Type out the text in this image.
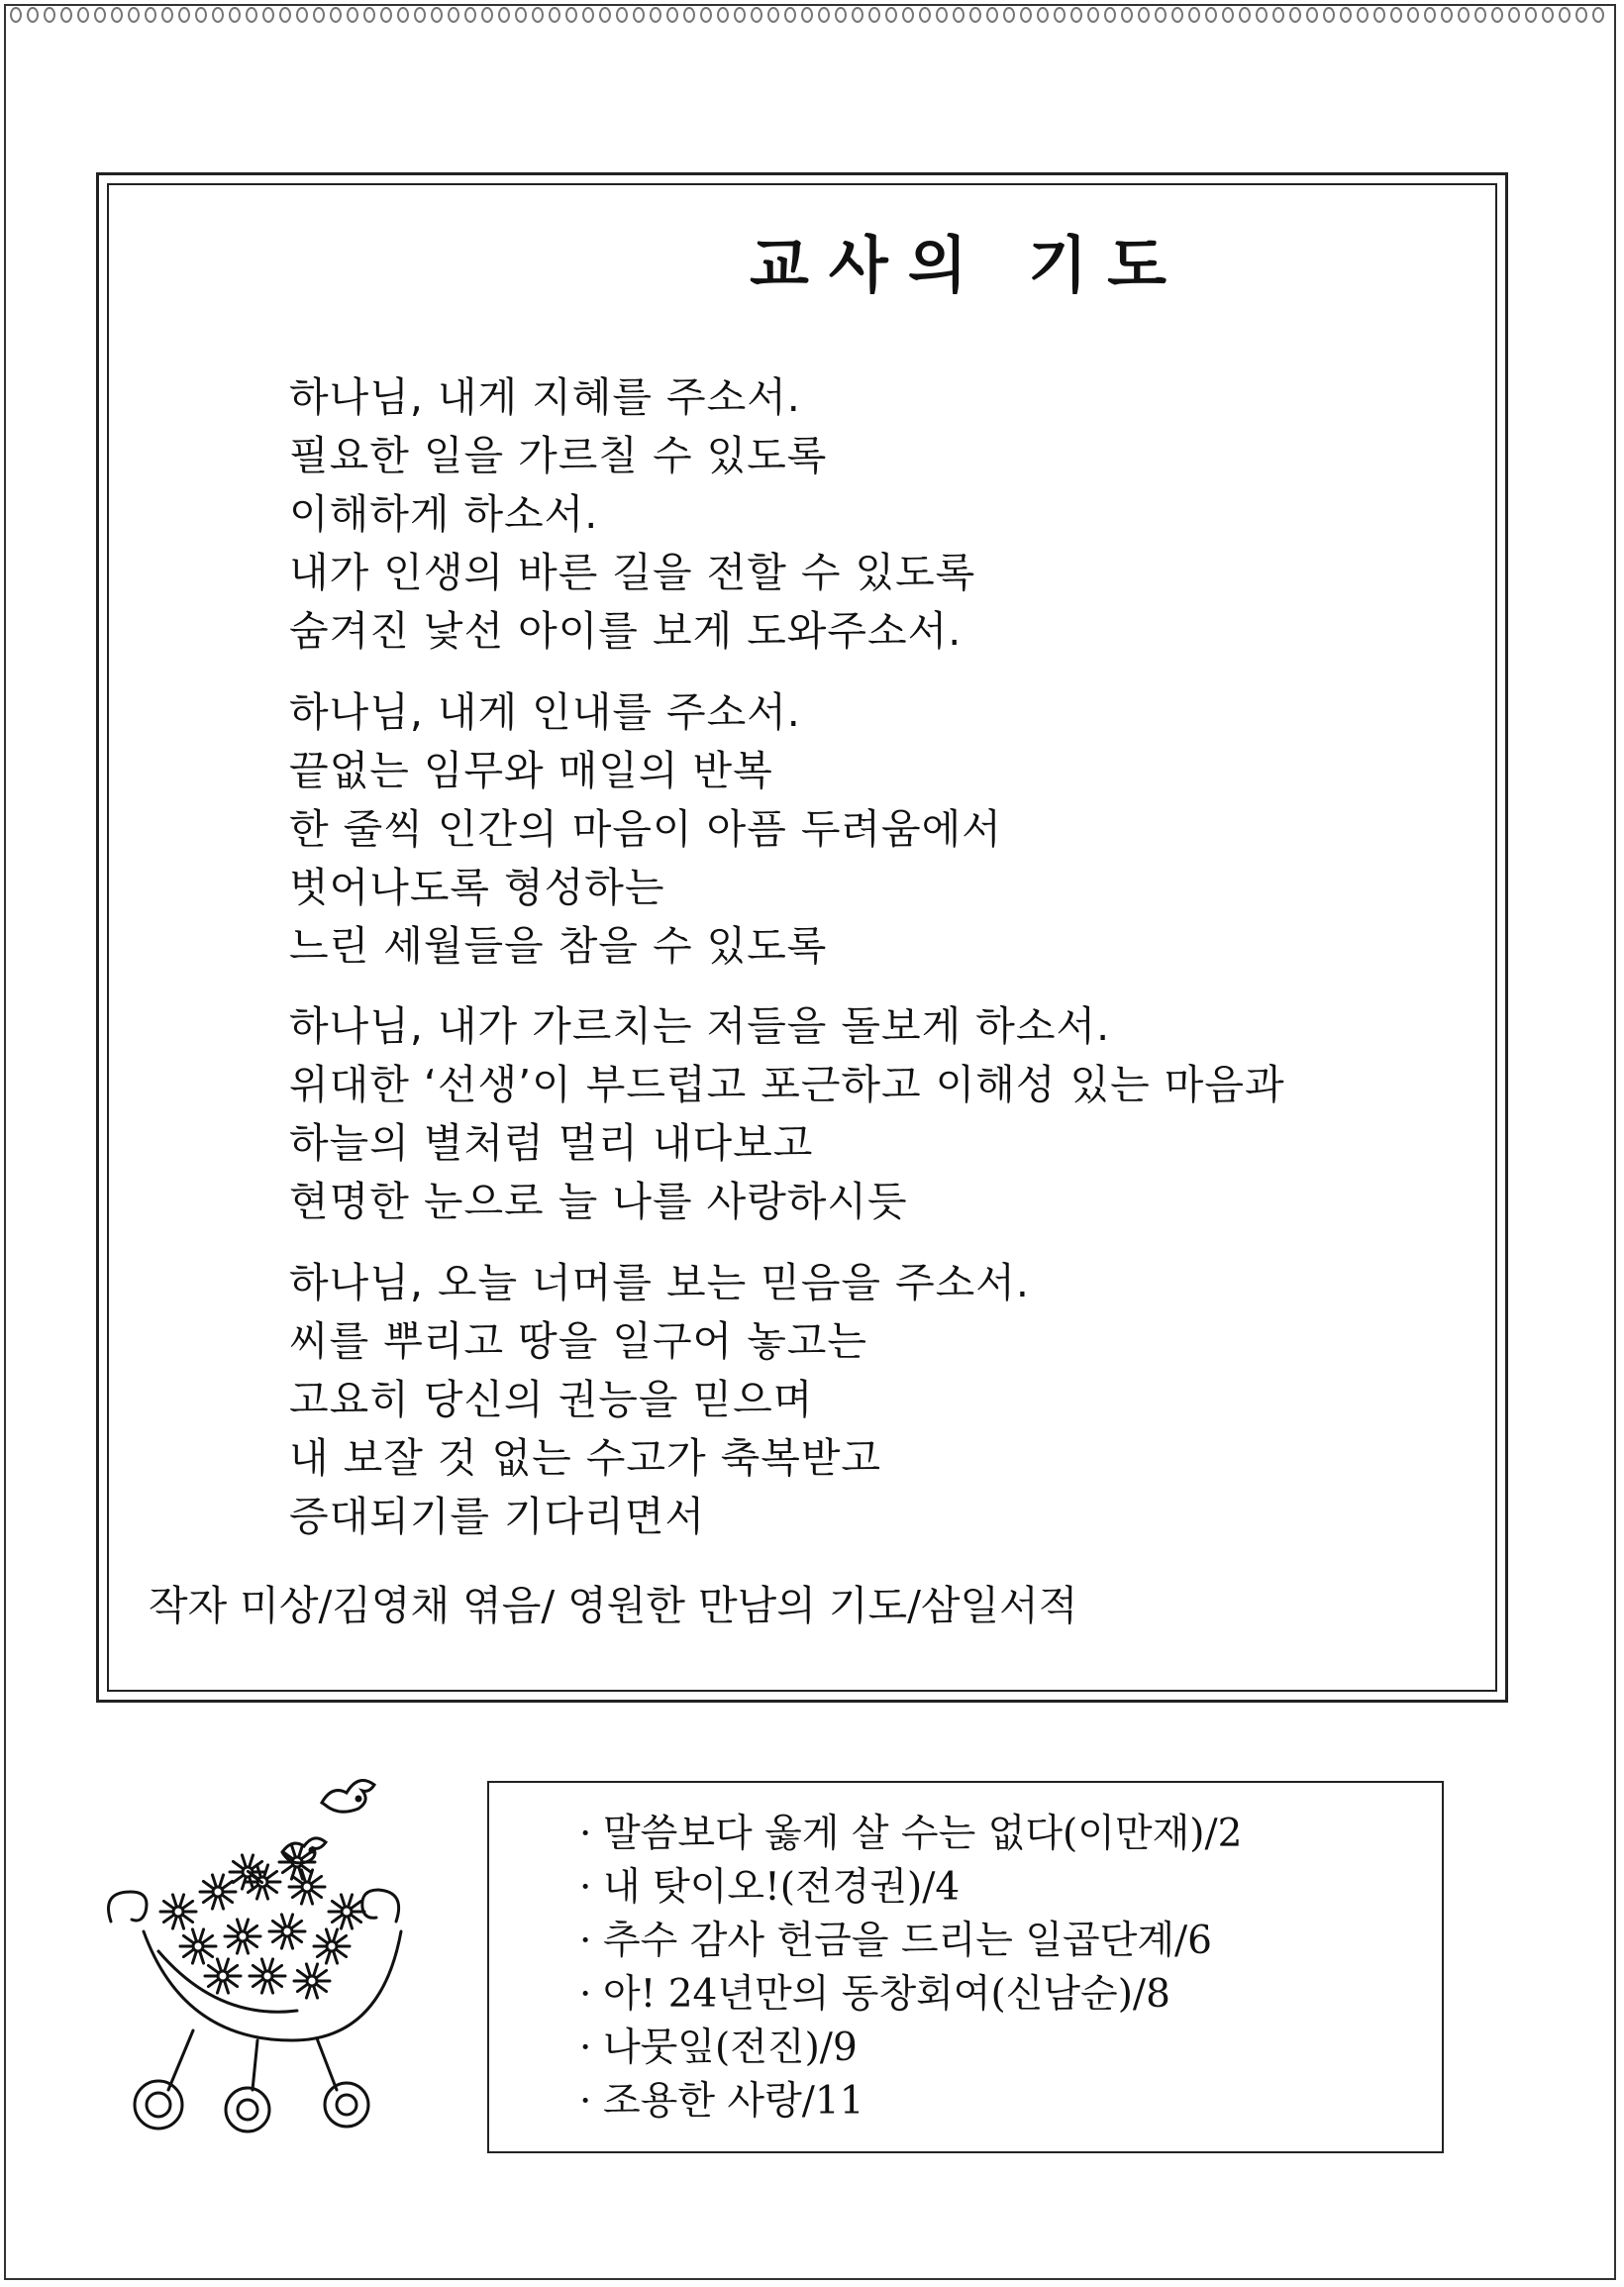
교사의 기도
하나님, 내게 지혜를 주소서.
필요한 일을 가르칠 수 있도록
이해하게 하소서.
내가 인생의 바른 길을 전할 수 있도록
숨겨진 낯선 아이를 보게 도와주소서.
하나님, 내게 인내를 주소서.
끝없는 임무와 매일의 반복
한 줄씩 인간의 마음이 아픔 두려움에서
벗어나도록 형성하는
느린 세월들을 참을 수 있도록
하나님, 내가 가르치는 저들을 돌보게 하소서.
위대한 ‘선생’이 부드럽고 포근하고 이해성 있는 마음과
하늘의 별처럼 멀리 내다보고
현명한 눈으로 늘 나를 사랑하시듯
하나님, 오늘 너머를 보는 믿음을 주소서.
씨를 뿌리고 땅을 일구어 놓고는
고요히 당신의 권능을 믿으며
내 보잘 것 없는 수고가 축복받고
증대되기를 기다리면서
작자 미상/김영채 엮음/ 영원한 만남의 기도/삼일서적
· 말씀보다 옳게 살 수는 없다(이만재)/2
· 내 탓이오!(전경권)/4
· 추수 감사 헌금을 드리는 일곱단계/6
· 아! 24년만의 동창회여(신남순)/8
· 나뭇잎(전진)/9
· 조용한 사랑/11
